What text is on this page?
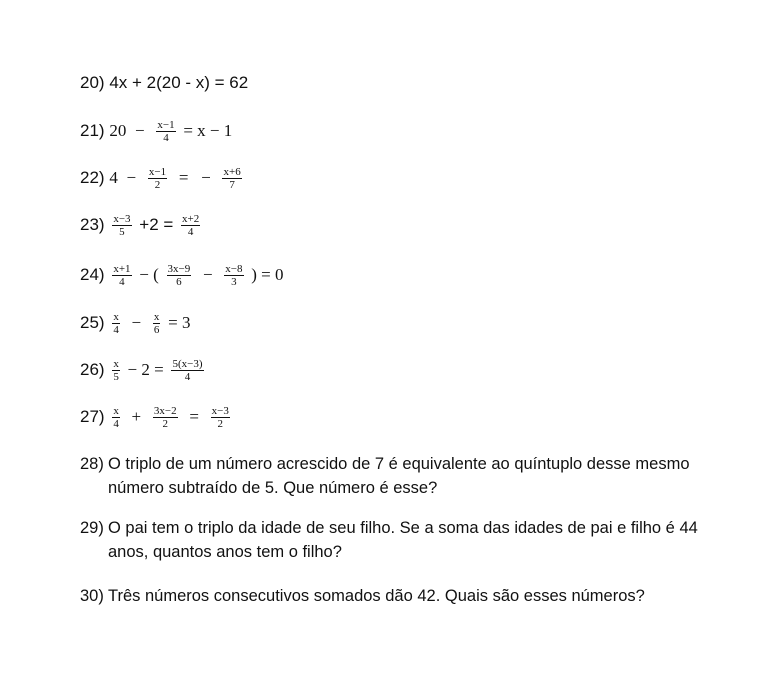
20) 4x + 2(20 - x) = 62
21) $20 - \frac{x-1}{4} = x - 1$
22) $4 - \frac{x-1}{2}$ = − $\frac{x+6}{7}$
$23) \frac{x-3}{5} +2 = \frac{x+2}{4}$
$24) \frac{x+1}{4}$ − ( $\frac{3x-9}{6} - \frac{x-8}{3}$ ) = 0
$25) \frac{x}{4} - \frac{x}{6} = 3$
$26) \frac{x}{5} - 2 = \frac{5(x-3)}{4}$
$27) \frac{x}{4} + \frac{3x-2}{2} = \frac{x-3}{2}$
28) O triplo de um número acrescido de 7 é equivalente ao quíntuplo desse mesmo
número subtraído de 5. Que número é esse?
29) O pai tem o triplo da idade de seu filho. Se a soma das idades de pai e filho é 44
anos, quantos anos tem o filho?
30) Três números consecutivos somados dão 42. Quais são esses números?
